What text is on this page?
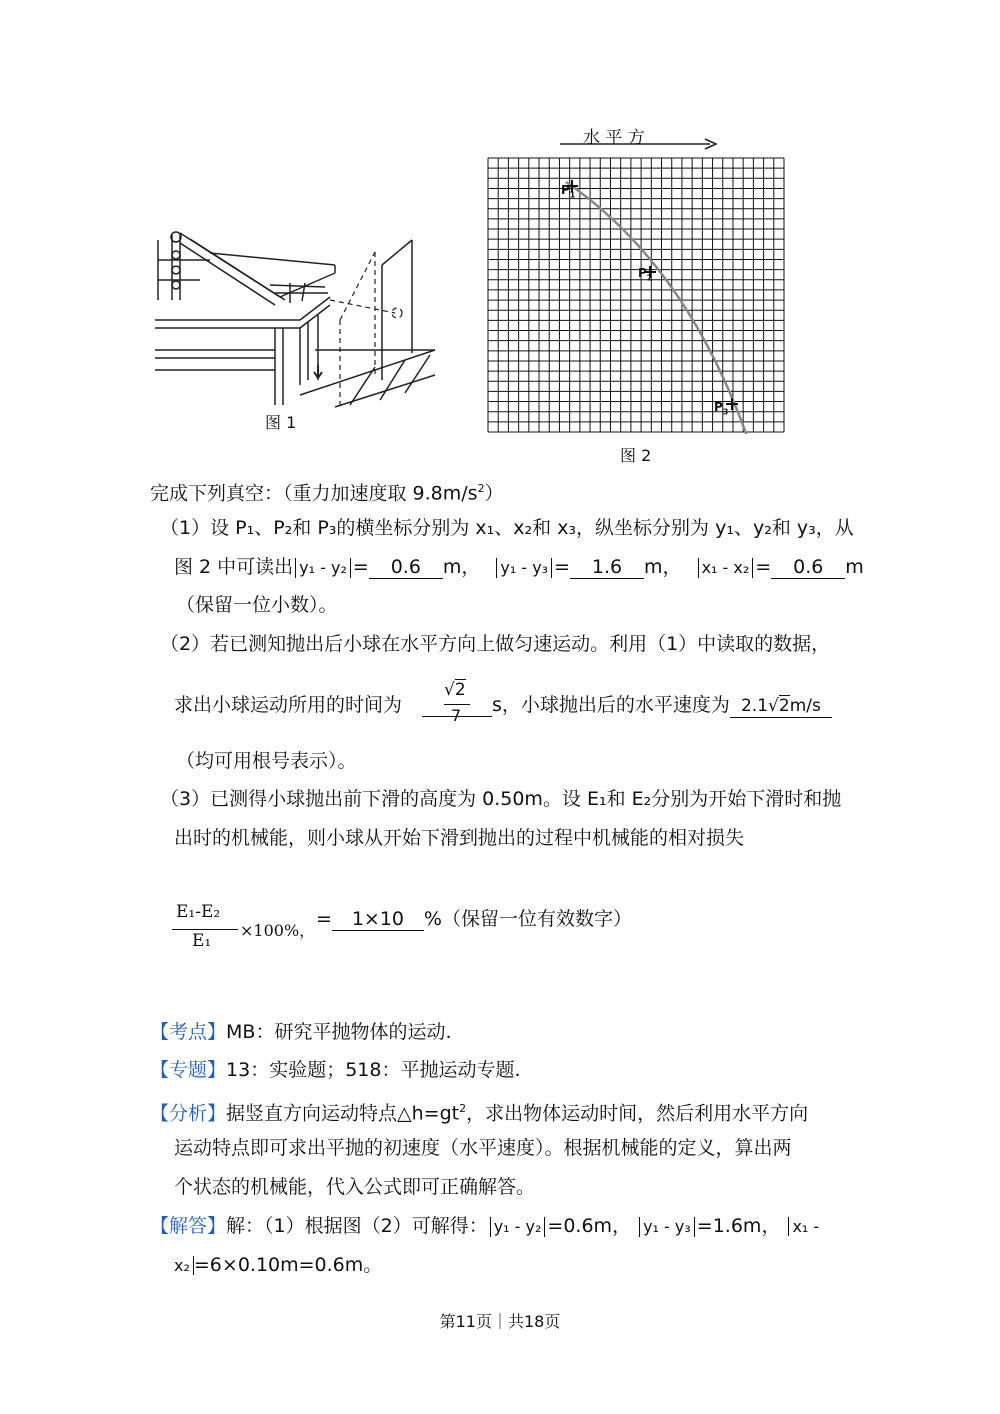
图 1
水 平 方
$P_1$
$P_2$
$P_3$
图 2
完成下列真空：（重力加速度取 $9.8m/s^2$）
（1）设 P₁、P₂和 P₃的横坐标分别为 x₁、x₂和 x₃，纵坐标分别为 y₁、y₂和 y₃，从
图 2 中可读出 y₁ - y₂ = 0.6 m， y₁ - y₃ = 1.6 m， x₁ - x₂ = 0.6 m
（保留一位小数）。
（2）若已测知抛出后小球在水平方向上做匀速运动。利用（1）中读取的数据，
求出小球运动所用的时间为
√2
7 s，小球抛出后的水平速度为 2.1√2m/s
（均可用根号表示）。
（3）已测得小球抛出前下滑的高度为 0.50m。设 E₁和 E₂分别为开始下滑时和抛
出时的机械能，则小球从开始下滑到抛出的过程中机械能的相对损失
E₁-E₂
E₁
×100%，
= 1×10 %（保留一位有效数字）
【考点】MB：研究平抛物体的运动.
【专题】13：实验题；518：平抛运动专题.
【分析】据竖直方向运动特点$\triangle h=gt^2$，求出物体运动时间，然后利用水平方向
运动特点即可求出平抛的初速度（水平速度）。根据机械能的定义，算出两
个状态的机械能，代入公式即可正确解答。
【解答】解：（1）根据图（2）可解得： y₁ - y₂ =0.6m， y₁ - y₃ =1.6m， x₁ -
x₂ =6×0.10m=0.6m。
第11页｜共18页
